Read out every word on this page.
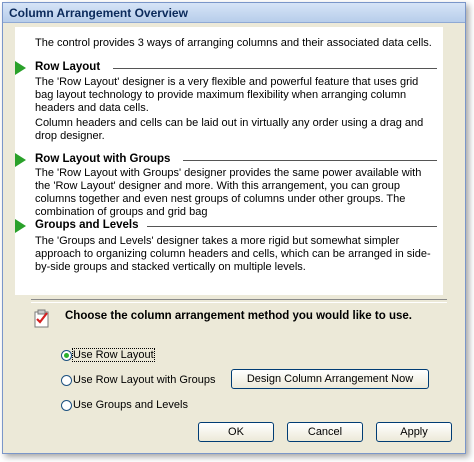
Column Arrangement Overview
The control provides 3 ways of arranging columns and their associated data cells.
Row Layout
The 'Row Layout' designer is a very flexible and powerful feature that uses grid bag layout technology to provide maximum flexibility when arranging column headers and data cells.
Column headers and cells can be laid out in virtually any order using a drag and drop designer.
Row Layout with Groups
The 'Row Layout with Groups' designer provides the same power available with the 'Row Layout' designer and more. With this arrangement, you can group columns together and even nest groups of columns under other groups. The combination of groups and grid bag
Groups and Levels
The 'Groups and Levels' designer takes a more rigid but somewhat simpler approach to organizing column headers and cells, which can be arranged in side-by-side groups and stacked vertically on multiple levels.
Choose the column arrangement method you would like to use.
Use Row Layout
Use Row Layout with Groups
Use Groups and Levels
Design Column Arrangement Now
OK	Cancel	Apply
